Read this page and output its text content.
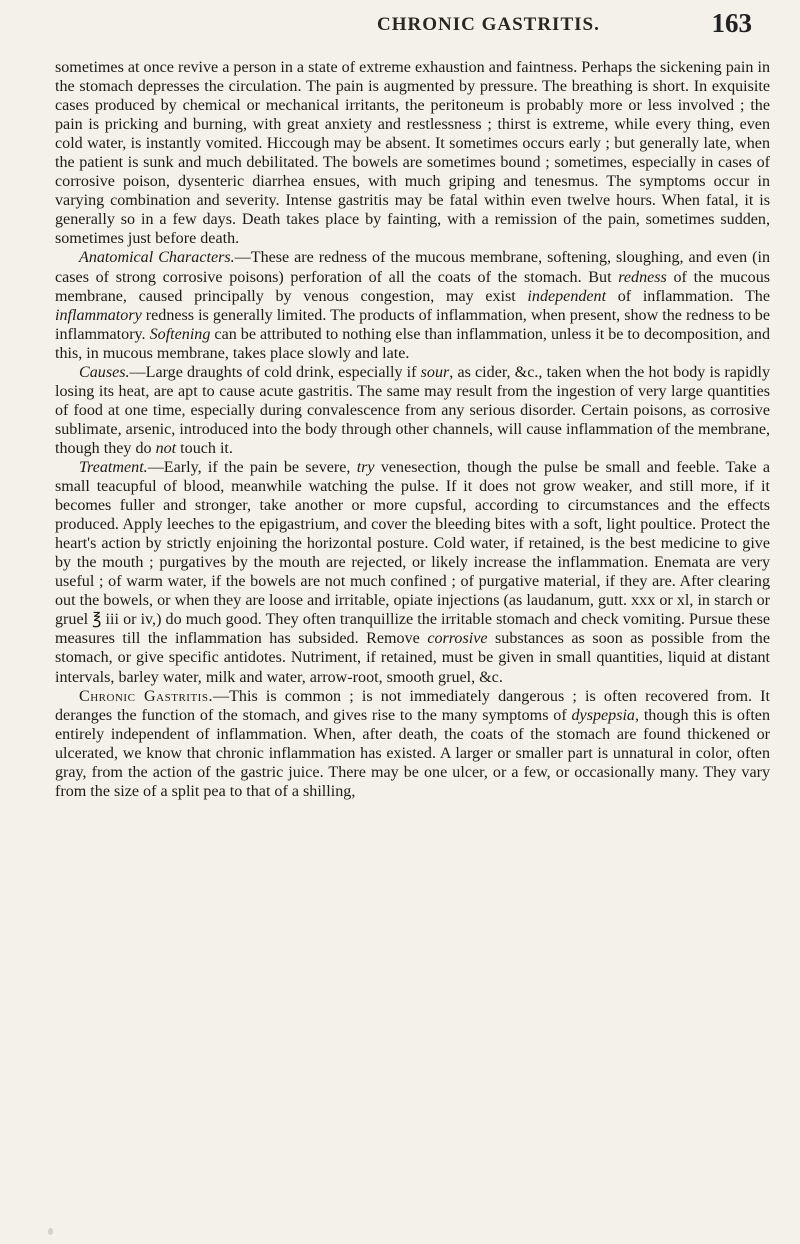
CHRONIC GASTRITIS.	163

sometimes at once revive a person in a state of extreme exhaustion and faintness. Perhaps the sickening pain in the stomach depresses the circulation. The pain is augmented by pressure. The breathing is short. In exquisite cases produced by chemical or mechanical irritants, the peritoneum is probably more or less involved ; the pain is pricking and burning, with great anxiety and restlessness ; thirst is extreme, while every thing, even cold water, is instantly vomited. Hiccough may be absent. It sometimes occurs early ; but generally late, when the patient is sunk and much debilitated. The bowels are sometimes bound ; sometimes, especially in cases of corrosive poison, dysenteric diarrhea ensues, with much griping and tenesmus. The symptoms occur in varying combination and severity. Intense gastritis may be fatal within even twelve hours. When fatal, it is generally so in a few days. Death takes place by fainting, with a remission of the pain, sometimes sudden, sometimes just before death.

Anatomical Characters.—These are redness of the mucous membrane, softening, sloughing, and even (in cases of strong corrosive poisons) perforation of all the coats of the stomach. But redness of the mucous membrane, caused principally by venous congestion, may exist independent of inflammation. The inflammatory redness is generally limited. The products of inflammation, when present, show the redness to be inflammatory. Softening can be attributed to nothing else than inflammation, unless it be to decomposition, and this, in mucous membrane, takes place slowly and late.

Causes.—Large draughts of cold drink, especially if sour, as cider, &c., taken when the hot body is rapidly losing its heat, are apt to cause acute gastritis. The same may result from the ingestion of very large quantities of food at one time, especially during convalescence from any serious disorder. Certain poisons, as corrosive sublimate, arsenic, introduced into the body through other channels, will cause inflammation of the membrane, though they do not touch it.

Treatment.—Early, if the pain be severe, try venesection, though the pulse be small and feeble. Take a small teacupful of blood, meanwhile watching the pulse. If it does not grow weaker, and still more, if it becomes fuller and stronger, take another or more cupsful, according to circumstances and the effects produced. Apply leeches to the epigastrium, and cover the bleeding bites with a soft, light poultice. Protect the heart's action by strictly enjoining the horizontal posture. Cold water, if retained, is the best medicine to give by the mouth ; purgatives by the mouth are rejected, or likely increase the inflammation. Enemata are very useful ; of warm water, if the bowels are not much confined ; of purgative material, if they are. After clearing out the bowels, or when they are loose and irritable, opiate injections (as laudanum, gutt. xxx or xl, in starch or gruel ℥ iii or iv,) do much good. They often tranquillize the irritable stomach and check vomiting. Pursue these measures till the inflammation has subsided. Remove corrosive substances as soon as possible from the stomach, or give specific antidotes. Nutriment, if retained, must be given in small quantities, liquid at distant intervals, barley water, milk and water, arrow-root, smooth gruel, &c.

Chronic Gastritis.—This is common ; is not immediately dangerous ; is often recovered from. It deranges the function of the stomach, and gives rise to the many symptoms of dyspepsia, though this is often entirely independent of inflammation. When, after death, the coats of the stomach are found thickened or ulcerated, we know that chronic inflammation has existed. A larger or smaller part is unnatural in color, often gray, from the action of the gastric juice. There may be one ulcer, or a few, or occasionally many. They vary from the size of a split pea to that of a shilling,
